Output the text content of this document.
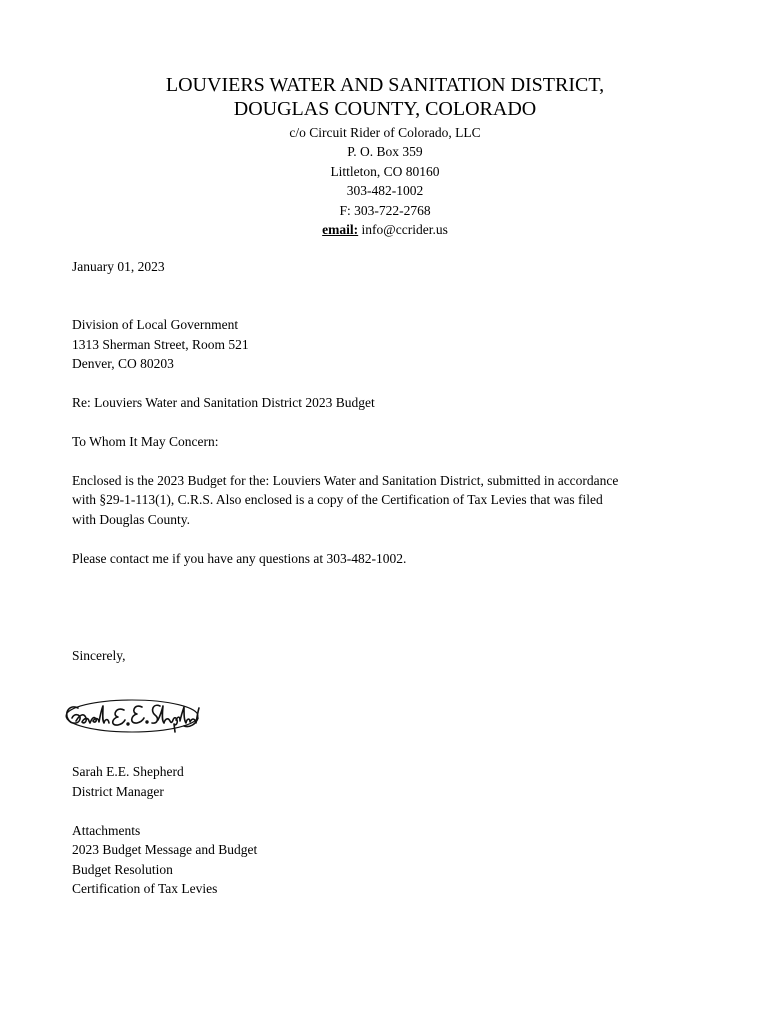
LOUVIERS WATER AND SANITATION DISTRICT,

DOUGLAS COUNTY, COLORADO

c/o Circuit Rider of Colorado, LLC

P. O. Box 359

Littleton, CO 80160

303-482-1002

F: 303-722-2768

email: info@ccrider.us

January 01, 2023

Division of Local Government

1313 Sherman Street, Room 521

Denver, CO 80203

Re: Louviers Water and Sanitation District 2023 Budget

To Whom It May Concern:

Enclosed is the 2023 Budget for the: Louviers Water and Sanitation District, submitted in accordance

with §29-1-113(1), C.R.S. Also enclosed is a copy of the Certification of Tax Levies that was filed

with Douglas County.

Please contact me if you have any questions at 303-482-1002.

Sincerely,

Sarah E.E. Shepherd

District Manager

Attachments

2023 Budget Message and Budget

Budget Resolution

Certification of Tax Levies
